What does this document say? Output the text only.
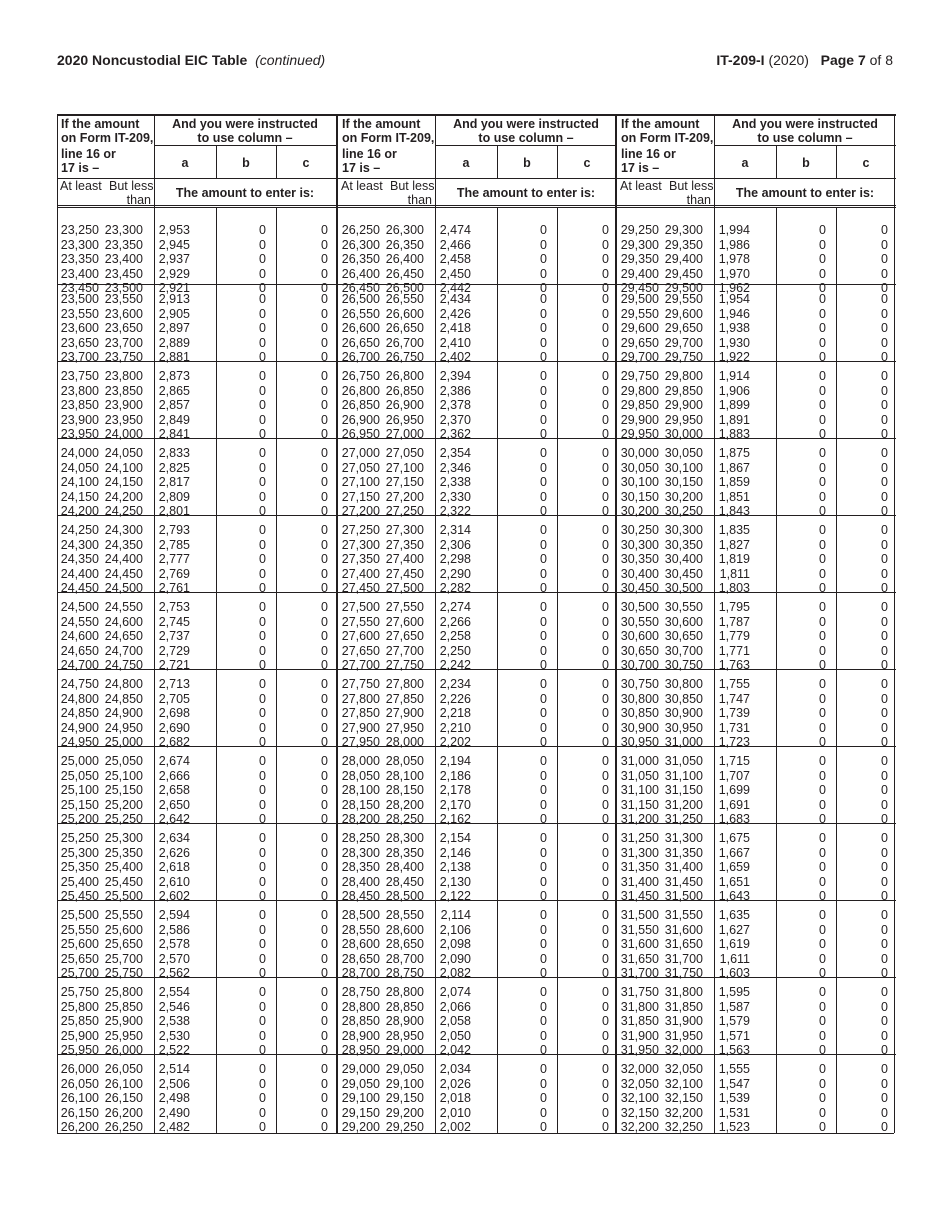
2020 Noncustodial EIC Table (continued)	IT-209-I (2020) Page 7 of 8
If the amount
on Form IT-209,
line 16 or
17 is –
And you were instructed
to use column –
a	b	c
At least But less
than	The amount to enter is:
23,250 23,300	2,953	0	0
23,300 23,350	2,945	0	0
23,350 23,400	2,937	0	0
23,400 23,450	2,929	0	0
23,450 23,500	2,921	0	0
23,500 23,550	2,913	0	0
23,550 23,600	2,905	0	0
23,600 23,650	2,897	0	0
23,650 23,700	2,889	0	0
23,700 23,750	2,881	0	0
23,750 23,800	2,873	0	0
23,800 23,850	2,865	0	0
23,850 23,900	2,857	0	0
23,900 23,950	2,849	0	0
23,950 24,000	2,841	0	0
24,000 24,050	2,833	0	0
24,050 24,100	2,825	0	0
24,100 24,150	2,817	0	0
24,150 24,200	2,809	0	0
24,200 24,250	2,801	0	0
24,250 24,300	2,793	0	0
24,300 24,350	2,785	0	0
24,350 24,400	2,777	0	0
24,400 24,450	2,769	0	0
24,450 24,500	2,761	0	0
24,500 24,550	2,753	0	0
24,550 24,600	2,745	0	0
24,600 24,650	2,737	0	0
24,650 24,700	2,729	0	0
24,700 24,750	2,721	0	0
24,750 24,800	2,713	0	0
24,800 24,850	2,705	0	0
24,850 24,900	2,698	0	0
24,900 24,950	2,690	0	0
24,950 25,000	2,682	0	0
25,000 25,050	2,674	0	0
25,050 25,100	2,666	0	0
25,100 25,150	2,658	0	0
25,150 25,200	2,650	0	0
25,200 25,250	2,642	0	0
25,250 25,300	2,634	0	0
25,300 25,350	2,626	0	0
25,350 25,400	2,618	0	0
25,400 25,450	2,610	0	0
25,450 25,500	2,602	0	0
25,500 25,550	2,594	0	0
25,550 25,600	2,586	0	0
25,600 25,650	2,578	0	0
25,650 25,700	2,570	0	0
25,700 25,750	2,562	0	0
25,750 25,800	2,554	0	0
25,800 25,850	2,546	0	0
25,850 25,900	2,538	0	0
25,900 25,950	2,530	0	0
25,950 26,000	2,522	0	0
26,000 26,050	2,514	0	0
26,050 26,100	2,506	0	0
26,100 26,150	2,498	0	0
26,150 26,200	2,490	0	0
26,200 26,250	2,482	0	0
If the amount
on Form IT-209,
line 16 or
17 is –
And you were instructed
to use column –
a	b	c
At least But less
than	The amount to enter is:
26,250 26,300	2,474	0	0
26,300 26,350	2,466	0	0
26,350 26,400	2,458	0	0
26,400 26,450	2,450	0	0
26,450 26,500	2,442	0	0
26,500 26,550	2,434	0	0
26,550 26,600	2,426	0	0
26,600 26,650	2,418	0	0
26,650 26,700	2,410	0	0
26,700 26,750	2,402	0	0
26,750 26,800	2,394	0	0
26,800 26,850	2,386	0	0
26,850 26,900	2,378	0	0
26,900 26,950	2,370	0	0
26,950 27,000	2,362	0	0
27,000 27,050	2,354	0	0
27,050 27,100	2,346	0	0
27,100 27,150	2,338	0	0
27,150 27,200	2,330	0	0
27,200 27,250	2,322	0	0
27,250 27,300	2,314	0	0
27,300 27,350	2,306	0	0
27,350 27,400	2,298	0	0
27,400 27,450	2,290	0	0
27,450 27,500	2,282	0	0
27,500 27,550	2,274	0	0
27,550 27,600	2,266	0	0
27,600 27,650	2,258	0	0
27,650 27,700	2,250	0	0
27,700 27,750	2,242	0	0
27,750 27,800	2,234	0	0
27,800 27,850	2,226	0	0
27,850 27,900	2,218	0	0
27,900 27,950	2,210	0	0
27,950 28,000	2,202	0	0
28,000 28,050	2,194	0	0
28,050 28,100	2,186	0	0
28,100 28,150	2,178	0	0
28,150 28,200	2,170	0	0
28,200 28,250	2,162	0	0
28,250 28,300	2,154	0	0
28,300 28,350	2,146	0	0
28,350 28,400	2,138	0	0
28,400 28,450	2,130	0	0
28,450 28,500	2,122	0	0
28,500 28,550	2,114	0	0
28,550 28,600	2,106	0	0
28,600 28,650	2,098	0	0
28,650 28,700	2,090	0	0
28,700 28,750	2,082	0	0
28,750 28,800	2,074	0	0
28,800 28,850	2,066	0	0
28,850 28,900	2,058	0	0
28,900 28,950	2,050	0	0
28,950 29,000	2,042	0	0
29,000 29,050	2,034	0	0
29,050 29,100	2,026	0	0
29,100 29,150	2,018	0	0
29,150 29,200	2,010	0	0
29,200 29,250	2,002	0	0
If the amount
on Form IT-209,
line 16 or
17 is –
And you were instructed
to use column –
a	b	c
At least But less
than	The amount to enter is:
29,250 29,300	1,994	0	0
29,300 29,350	1,986	0	0
29,350 29,400	1,978	0	0
29,400 29,450	1,970	0	0
29,450 29,500	1,962	0	0
29,500 29,550	1,954	0	0
29,550 29,600	1,946	0	0
29,600 29,650	1,938	0	0
29,650 29,700	1,930	0	0
29,700 29,750	1,922	0	0
29,750 29,800	1,914	0	0
29,800 29,850	1,906	0	0
29,850 29,900	1,899	0	0
29,900 29,950	1,891	0	0
29,950 30,000	1,883	0	0
30,000 30,050	1,875	0	0
30,050 30,100	1,867	0	0
30,100 30,150	1,859	0	0
30,150 30,200	1,851	0	0
30,200 30,250	1,843	0	0
30,250 30,300	1,835	0	0
30,300 30,350	1,827	0	0
30,350 30,400	1,819	0	0
30,400 30,450	1,811	0	0
30,450 30,500	1,803	0	0
30,500 30,550	1,795	0	0
30,550 30,600	1,787	0	0
30,600 30,650	1,779	0	0
30,650 30,700	1,771	0	0
30,700 30,750	1,763	0	0
30,750 30,800	1,755	0	0
30,800 30,850	1,747	0	0
30,850 30,900	1,739	0	0
30,900 30,950	1,731	0	0
30,950 31,000	1,723	0	0
31,000 31,050	1,715	0	0
31,050 31,100	1,707	0	0
31,100 31,150	1,699	0	0
31,150 31,200	1,691	0	0
31,200 31,250	1,683	0	0
31,250 31,300	1,675	0	0
31,300 31,350	1,667	0	0
31,350 31,400	1,659	0	0
31,400 31,450	1,651	0	0
31,450 31,500	1,643	0	0
31,500 31,550	1,635	0	0
31,550 31,600	1,627	0	0
31,600 31,650	1,619	0	0
31,650 31,700	1,611	0	0
31,700 31,750	1,603	0	0
31,750 31,800	1,595	0	0
31,800 31,850	1,587	0	0
31,850 31,900	1,579	0	0
31,900 31,950	1,571	0	0
31,950 32,000	1,563	0	0
32,000 32,050	1,555	0	0
32,050 32,100	1,547	0	0
32,100 32,150	1,539	0	0
32,150 32,200	1,531	0	0
32,200 32,250	1,523	0	0
